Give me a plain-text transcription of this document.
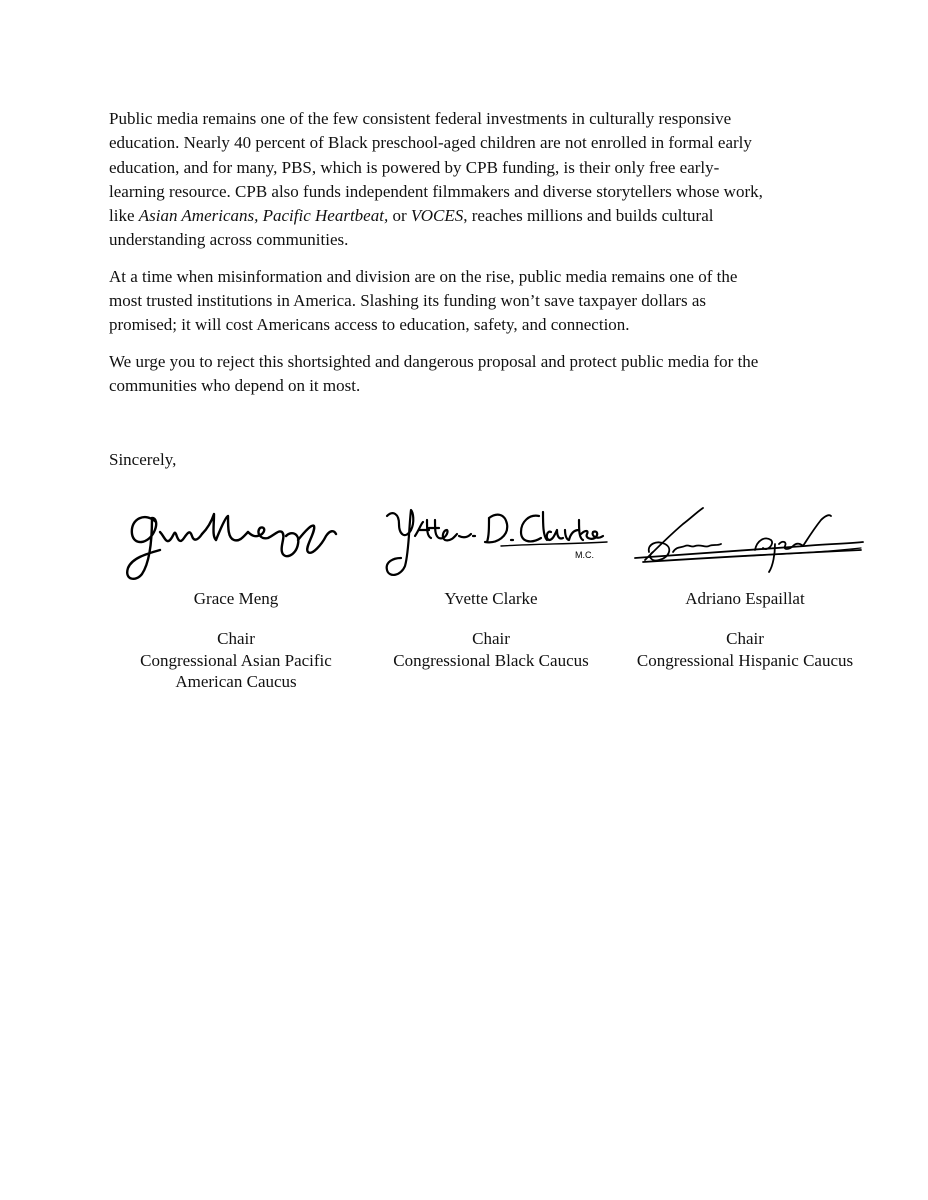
Public media remains one of the few consistent federal investments in culturally responsive
education. Nearly 40 percent of Black preschool-aged children are not enrolled in formal early
education, and for many, PBS, which is powered by CPB funding, is their only free early-
learning resource. CPB also funds independent filmmakers and diverse storytellers whose work,
like Asian Americans, Pacific Heartbeat, or VOCES, reaches millions and builds cultural
understanding across communities.

At a time when misinformation and division are on the rise, public media remains one of the
most trusted institutions in America. Slashing its funding won’t save taxpayer dollars as
promised; it will cost Americans access to education, safety, and connection.

We urge you to reject this shortsighted and dangerous proposal and protect public media for the
communities who depend on it most.

Sincerely,

Grace Meng
Chair
Congressional Asian Pacific
American Caucus
M.C.
Yvette Clarke
Chair
Congressional Black Caucus
Adriano Espaillat
Chair
Congressional Hispanic Caucus
